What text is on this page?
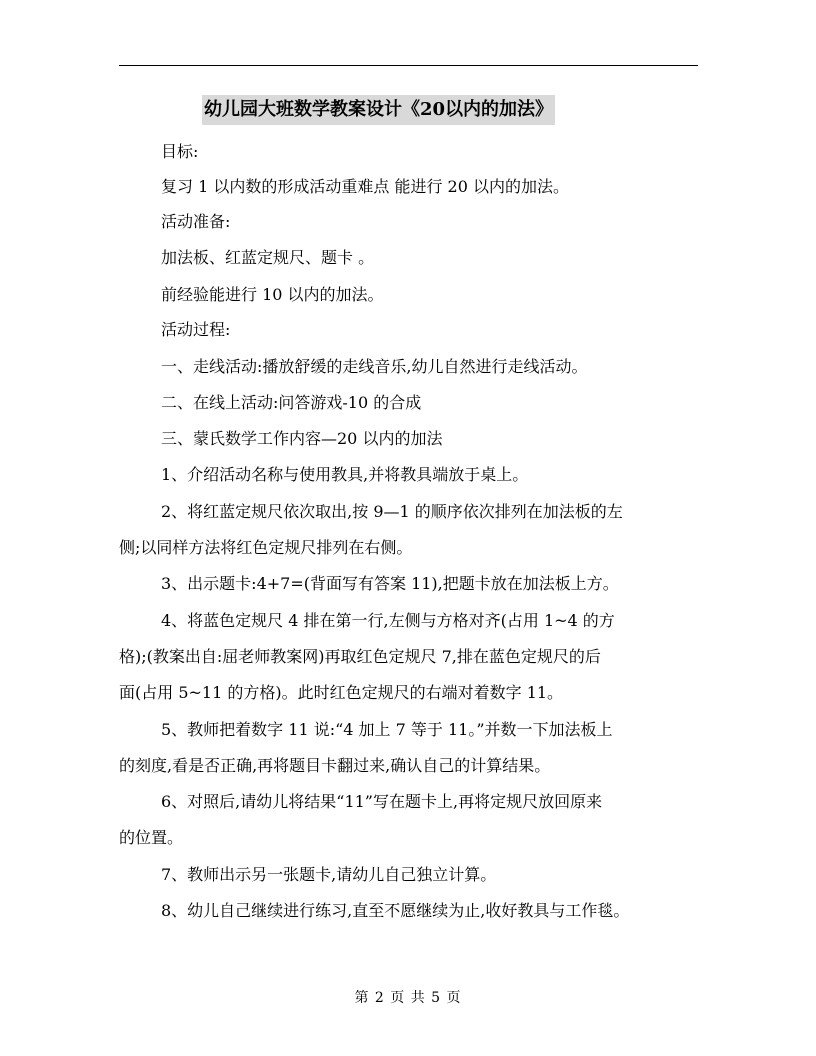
幼儿园大班数学教案设计《20以内的加法》
目标:
复习 1 以内数的形成活动重难点 能进行 20 以内的加法。
活动准备:
加法板、红蓝定规尺、题卡 。
前经验能进行 10 以内的加法。
活动过程:
一、走线活动:播放舒缓的走线音乐,幼儿自然进行走线活动。
二、在线上活动:问答游戏-10 的合成
三、蒙氏数学工作内容—20 以内的加法
1、介绍活动名称与使用教具,并将教具端放于桌上。
2、将红蓝定规尺依次取出,按 9—1 的顺序依次排列在加法板的左
侧;以同样方法将红色定规尺排列在右侧。
3、出示题卡:4+7=(背面写有答案 11),把题卡放在加法板上方。
4、将蓝色定规尺 4 排在第一行,左侧与方格对齐(占用 1~4 的方
格);(教案出自:屈老师教案网)再取红色定规尺 7,排在蓝色定规尺的后
面(占用 5~11 的方格)。此时红色定规尺的右端对着数字 11。
5、教师把着数字 11 说:“4 加上 7 等于 11。”并数一下加法板上
的刻度,看是否正确,再将题目卡翻过来,确认自己的计算结果。
6、对照后,请幼儿将结果“11”写在题卡上,再将定规尺放回原来
的位置。
7、教师出示另一张题卡,请幼儿自己独立计算。
8、幼儿自己继续进行练习,直至不愿继续为止,收好教具与工作毯。
第 2 页 共 5 页
